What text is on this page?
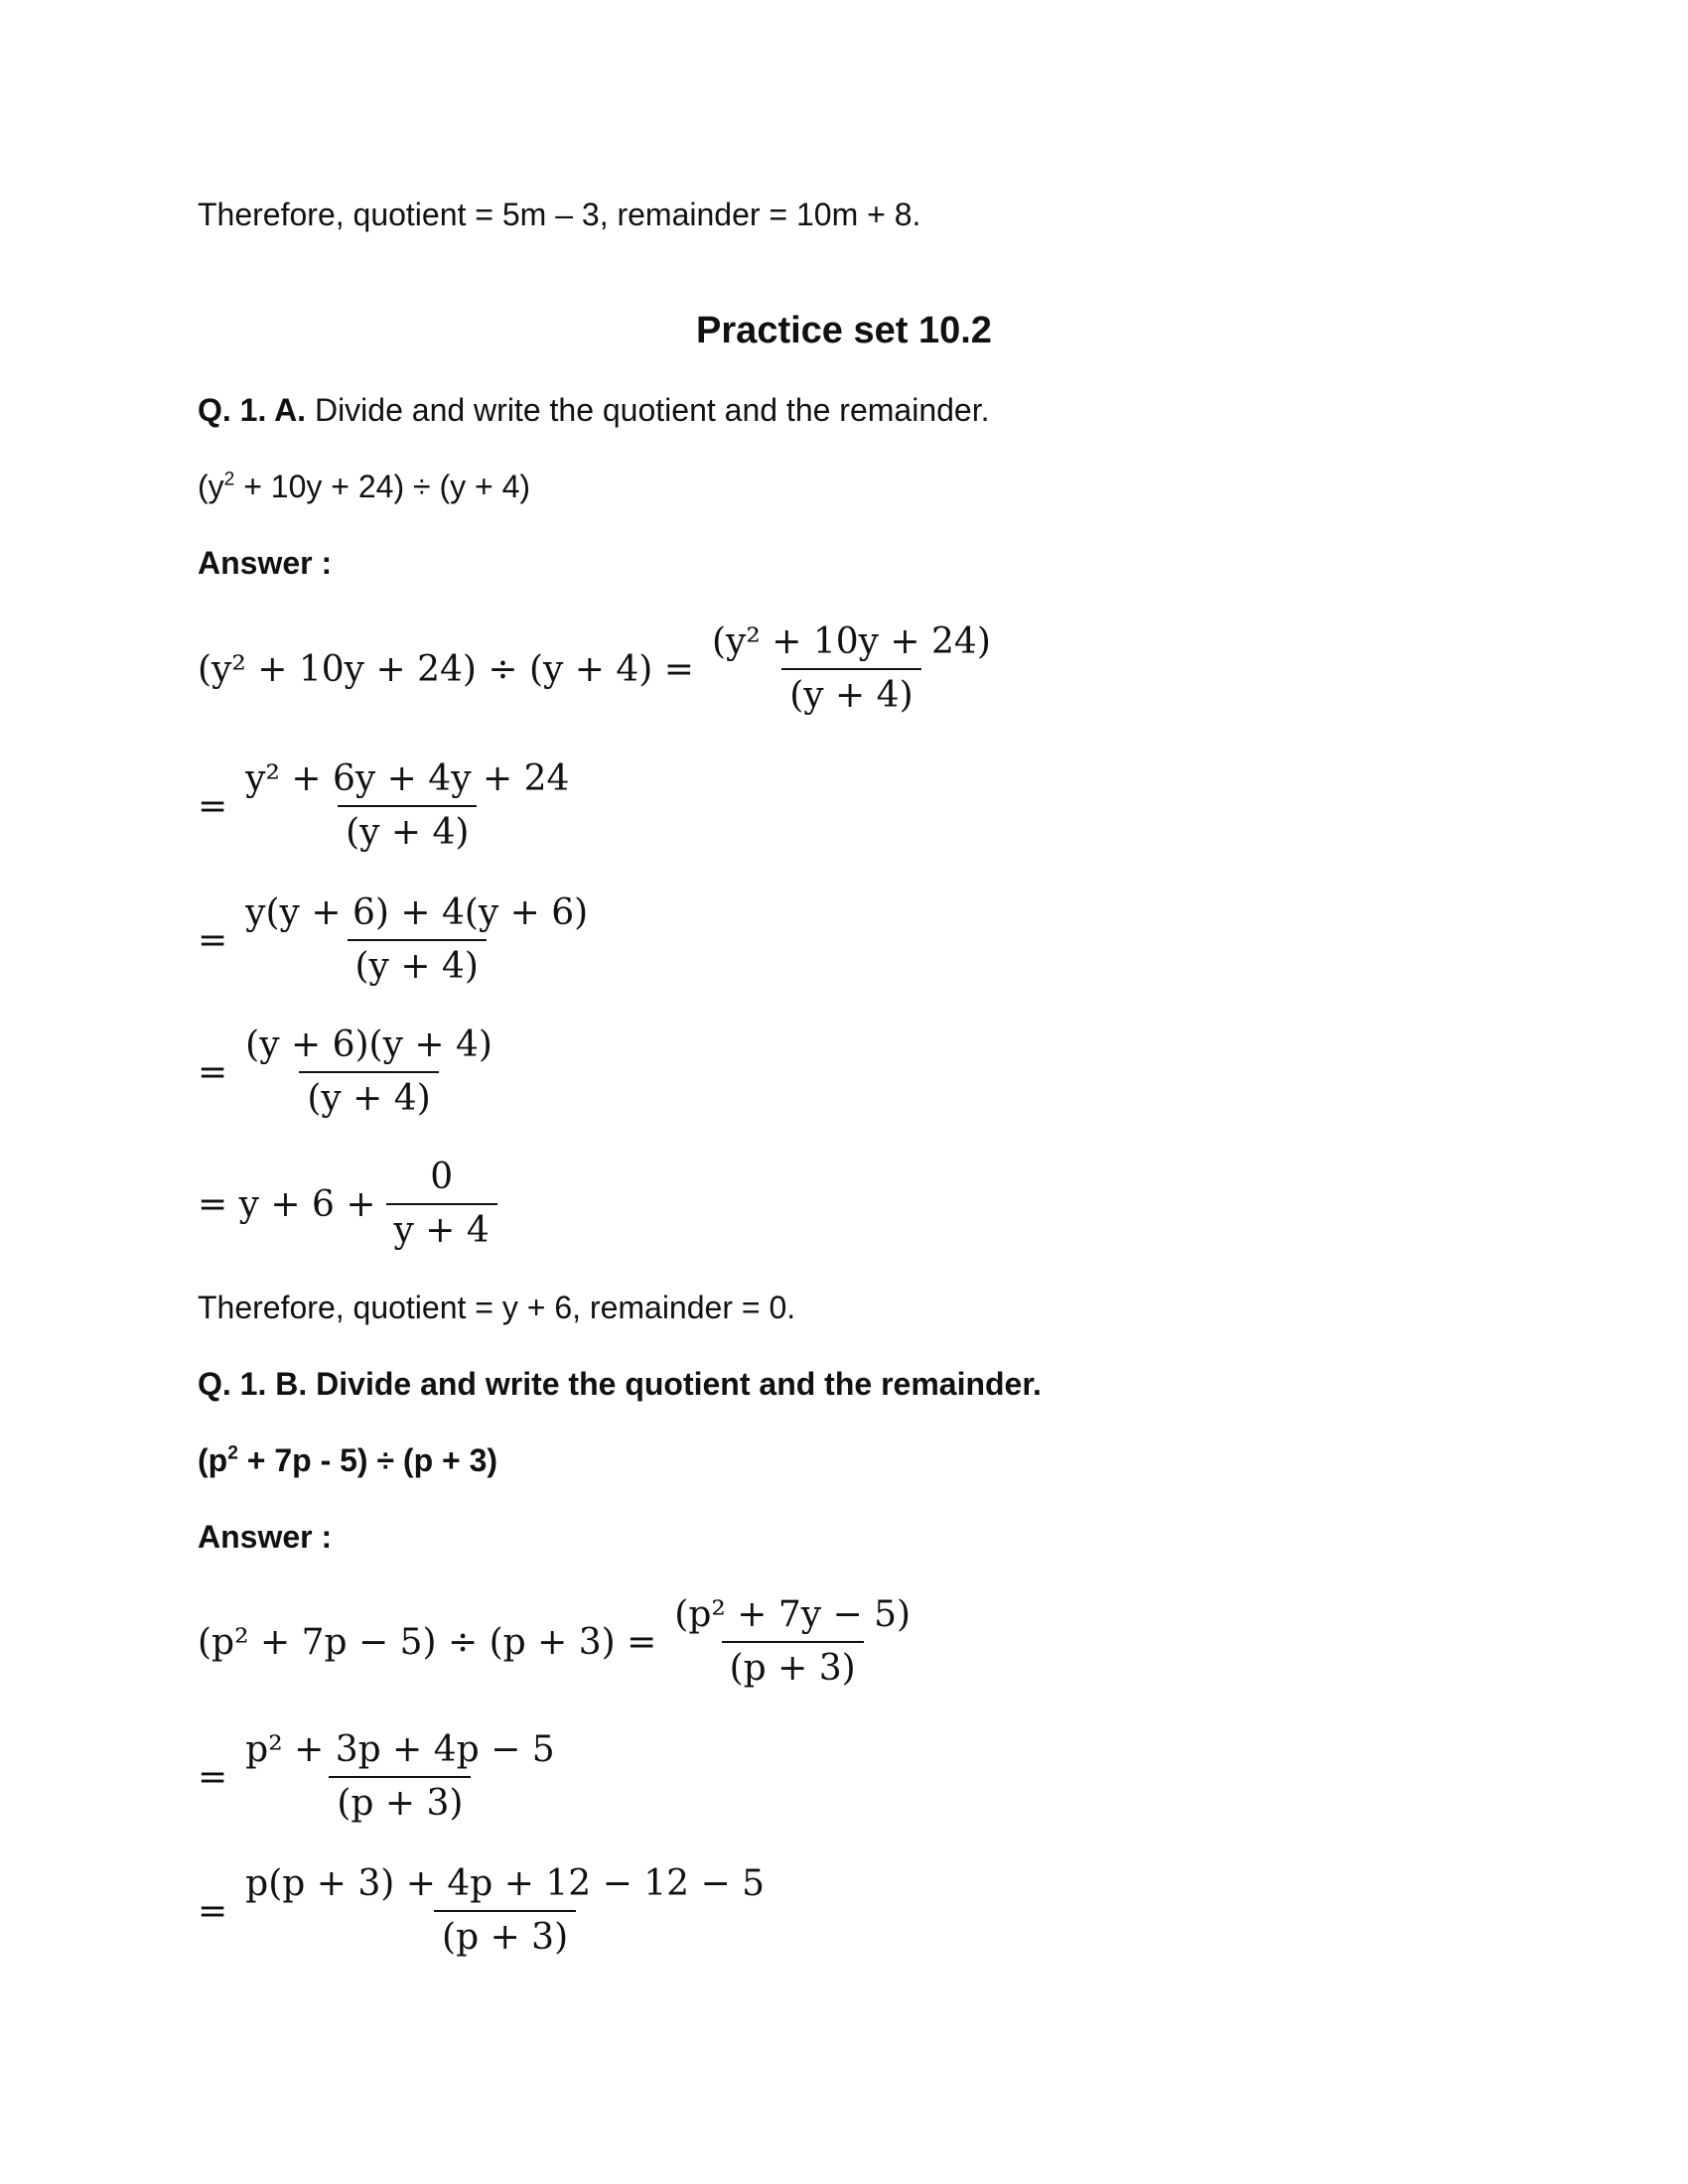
Therefore, quotient = 5m – 3, remainder = 10m + 8.
Practice set 10.2
Q. 1. A. Divide and write the quotient and the remainder.
$(y^2 + 10y + 24) \div (y + 4)$
Answer :
$(y^2 + 10y + 24) \div (y + 4) = \frac{\text{(y² + 10y + 24)}}{(y + 4)}$
= $\frac{\text{y² + 6y + 4y + 24}}{(y + 4)}$
= $\frac{y(y + 6) + 4(y + 6)}{(y + 4)}$
= $\frac{(y + 6)(y + 4)}{(y + 4)}$
= $y + 6 + \frac{0}{y + 4}$
Therefore, quotient = y + 6, remainder = 0.
Q. 1. B. Divide and write the quotient and the remainder.
$(p^2 + 7p - 5) \div (p + 3)$
Answer :
$(p^2 + 7p - 5) \div (p + 3) = \frac{\text{(p² + 7y − 5)}}{(p + 3)}$
= $\frac{\text{p² + 3p + 4p − 5}}{(p + 3)}$
= $\frac{p(p + 3) + 4p + 12 - 12 - 5}{(p + 3)}$
